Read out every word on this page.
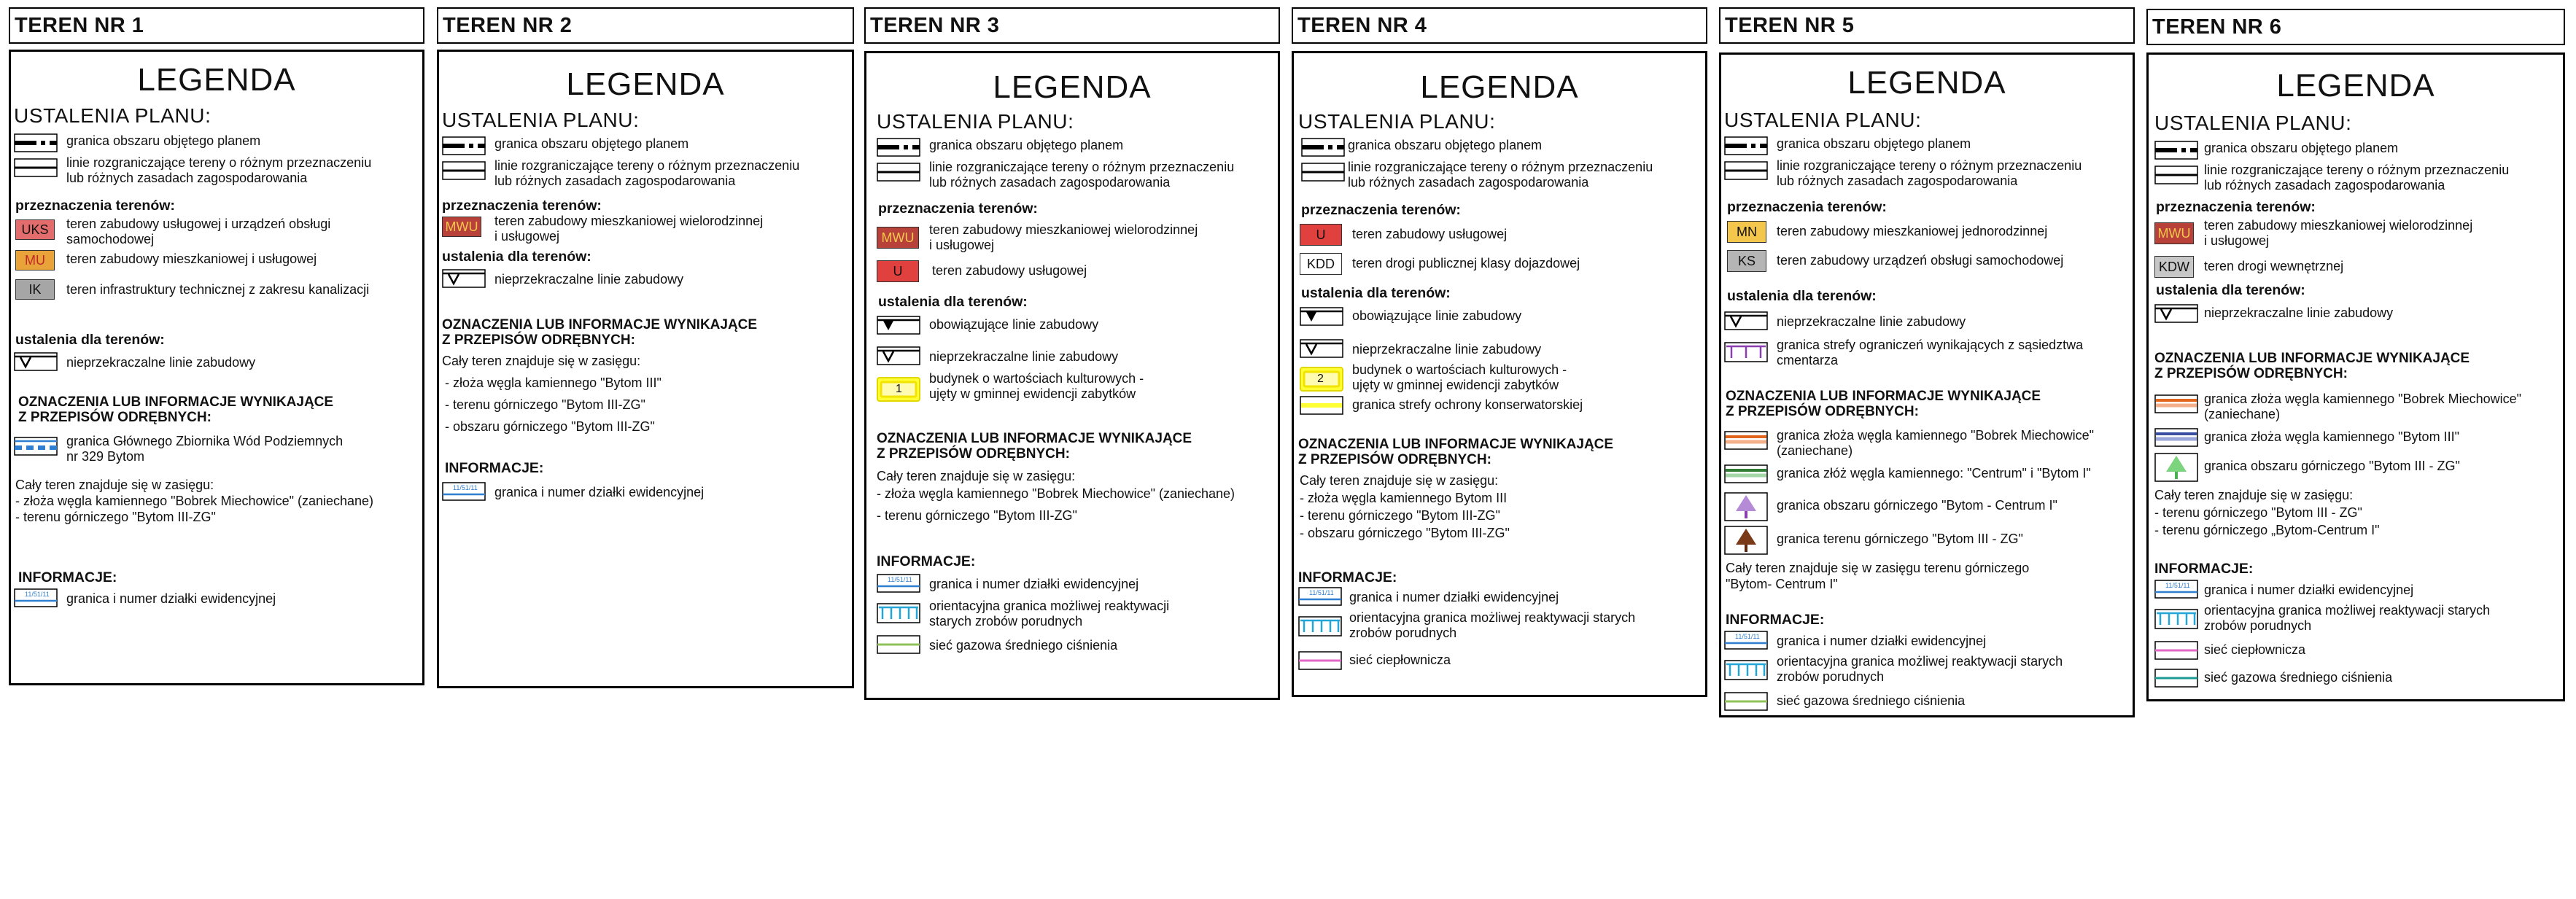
TEREN NR 1
LEGENDA
USTALENIA PLANU:
granica obszaru objętego planem
linie rozgraniczające tereny o różnym przeznaczeniu
lub różnych zasadach zagospodarowania
przeznaczenia terenów:
UKS	teren zabudowy usługowej i urządzeń obsługi
samochodowej
MU	teren zabudowy mieszkaniowej i usługowej
IK	teren infrastruktury technicznej z zakresu kanalizacji
ustalenia dla terenów:
nieprzekraczalne linie zabudowy
OZNACZENIA LUB INFORMACJE WYNIKAJĄCE
Z PRZEPISÓW ODRĘBNYCH:
granica Głównego Zbiornika Wód Podziemnych
nr 329 Bytom
Cały teren znajduje się w zasięgu:
- złoża węgla kamiennego "Bobrek Miechowice" (zaniechane)
- terenu górniczego "Bytom III-ZG"
INFORMACJE:
11/51/11 granica i numer działki ewidencyjnej
TEREN NR 2
LEGENDA
USTALENIA PLANU:
granica obszaru objętego planem
linie rozgraniczające tereny o różnym przeznaczeniu
lub różnych zasadach zagospodarowania
przeznaczenia terenów:
MWU teren zabudowy mieszkaniowej wielorodzinnej
i usługowej
ustalenia dla terenów:
nieprzekraczalne linie zabudowy
OZNACZENIA LUB INFORMACJE WYNIKAJĄCE
Z PRZEPISÓW ODRĘBNYCH:
Cały teren znajduje się w zasięgu:
- złoża węgla kamiennego "Bytom III"
- terenu górniczego "Bytom III-ZG"
- obszaru górniczego "Bytom III-ZG"
INFORMACJE:
11/51/11 granica i numer działki ewidencyjnej
TEREN NR 3
LEGENDA
USTALENIA PLANU:
granica obszaru objętego planem
linie rozgraniczające tereny o różnym przeznaczeniu
lub różnych zasadach zagospodarowania
przeznaczenia terenów:
MWU
teren zabudowy mieszkaniowej wielorodzinnej
i usługowej
U	teren zabudowy usługowej
ustalenia dla terenów:
obowiązujące linie zabudowy
nieprzekraczalne linie zabudowy
1
budynek o wartościach kulturowych -
ujęty w gminnej ewidencji zabytków
OZNACZENIA LUB INFORMACJE WYNIKAJĄCE
Z PRZEPISÓW ODRĘBNYCH:
Cały teren znajduje się w zasięgu:
- złoża węgla kamiennego "Bobrek Miechowice" (zaniechane)
- terenu górniczego "Bytom III-ZG"
INFORMACJE:
11/51/11 granica i numer działki ewidencyjnej
orientacyjna granica możliwej reaktywacji
starych zrobów porudnych
sieć gazowa średniego ciśnienia
TEREN NR 4
LEGENDA
USTALENIA PLANU:
granica obszaru objętego planem
linie rozgraniczające tereny o różnym przeznaczeniu
lub różnych zasadach zagospodarowania
przeznaczenia terenów:
U	teren zabudowy usługowej
KDD	teren drogi publicznej klasy dojazdowej
ustalenia dla terenów:
obowiązujące linie zabudowy
nieprzekraczalne linie zabudowy
2
budynek o wartościach kulturowych -
ujęty w gminnej ewidencji zabytków
granica strefy ochrony konserwatorskiej
OZNACZENIA LUB INFORMACJE WYNIKAJĄCE
Z PRZEPISÓW ODRĘBNYCH:
Cały teren znajduje się w zasięgu:
- złoża węgla kamiennego Bytom III
- terenu górniczego "Bytom III-ZG"
- obszaru górniczego "Bytom III-ZG"
INFORMACJE:
11/51/11 granica i numer działki ewidencyjnej
orientacyjna granica możliwej reaktywacji starych
zrobów porudnych
sieć ciepłownicza
TEREN NR 5
LEGENDA
USTALENIA PLANU:
granica obszaru objętego planem
linie rozgraniczające tereny o różnym przeznaczeniu
lub różnych zasadach zagospodarowania
przeznaczenia terenów:
MN	teren zabudowy mieszkaniowej jednorodzinnej
KS	teren zabudowy urządzeń obsługi samochodowej
ustalenia dla terenów:
nieprzekraczalne linie zabudowy
granica strefy ograniczeń wynikających z sąsiedztwa
cmentarza
OZNACZENIA LUB INFORMACJE WYNIKAJĄCE
Z PRZEPISÓW ODRĘBNYCH:
granica złoża węgla kamiennego "Bobrek Miechowice"
(zaniechane)
granica złóż węgla kamiennego: "Centrum" i "Bytom I"
granica obszaru górniczego "Bytom - Centrum I"
granica terenu górniczego "Bytom III - ZG"
Cały teren znajduje się w zasięgu terenu górniczego
"Bytom- Centrum I"
INFORMACJE:
11/51/11 granica i numer działki ewidencyjnej
orientacyjna granica możliwej reaktywacji starych
zrobów porudnych
sieć gazowa średniego ciśnienia
TEREN NR 6
LEGENDA
USTALENIA PLANU:
granica obszaru objętego planem
linie rozgraniczające tereny o różnym przeznaczeniu
lub różnych zasadach zagospodarowania
przeznaczenia terenów:
MWU
teren zabudowy mieszkaniowej wielorodzinnej
i usługowej
KDW	teren drogi wewnętrznej
ustalenia dla terenów:
nieprzekraczalne linie zabudowy
OZNACZENIA LUB INFORMACJE WYNIKAJĄCE
Z PRZEPISÓW ODRĘBNYCH:
granica złoża węgla kamiennego "Bobrek Miechowice"
(zaniechane)
granica złoża węgla kamiennego "Bytom III"
granica obszaru górniczego "Bytom III - ZG"
Cały teren znajduje się w zasięgu:
- terenu górniczego "Bytom III - ZG"
- terenu górniczego „Bytom-Centrum I"
INFORMACJE:
11/51/11 granica i numer działki ewidencyjnej
orientacyjna granica możliwej reaktywacji starych
zrobów porudnych
sieć ciepłownicza
sieć gazowa średniego ciśnienia
